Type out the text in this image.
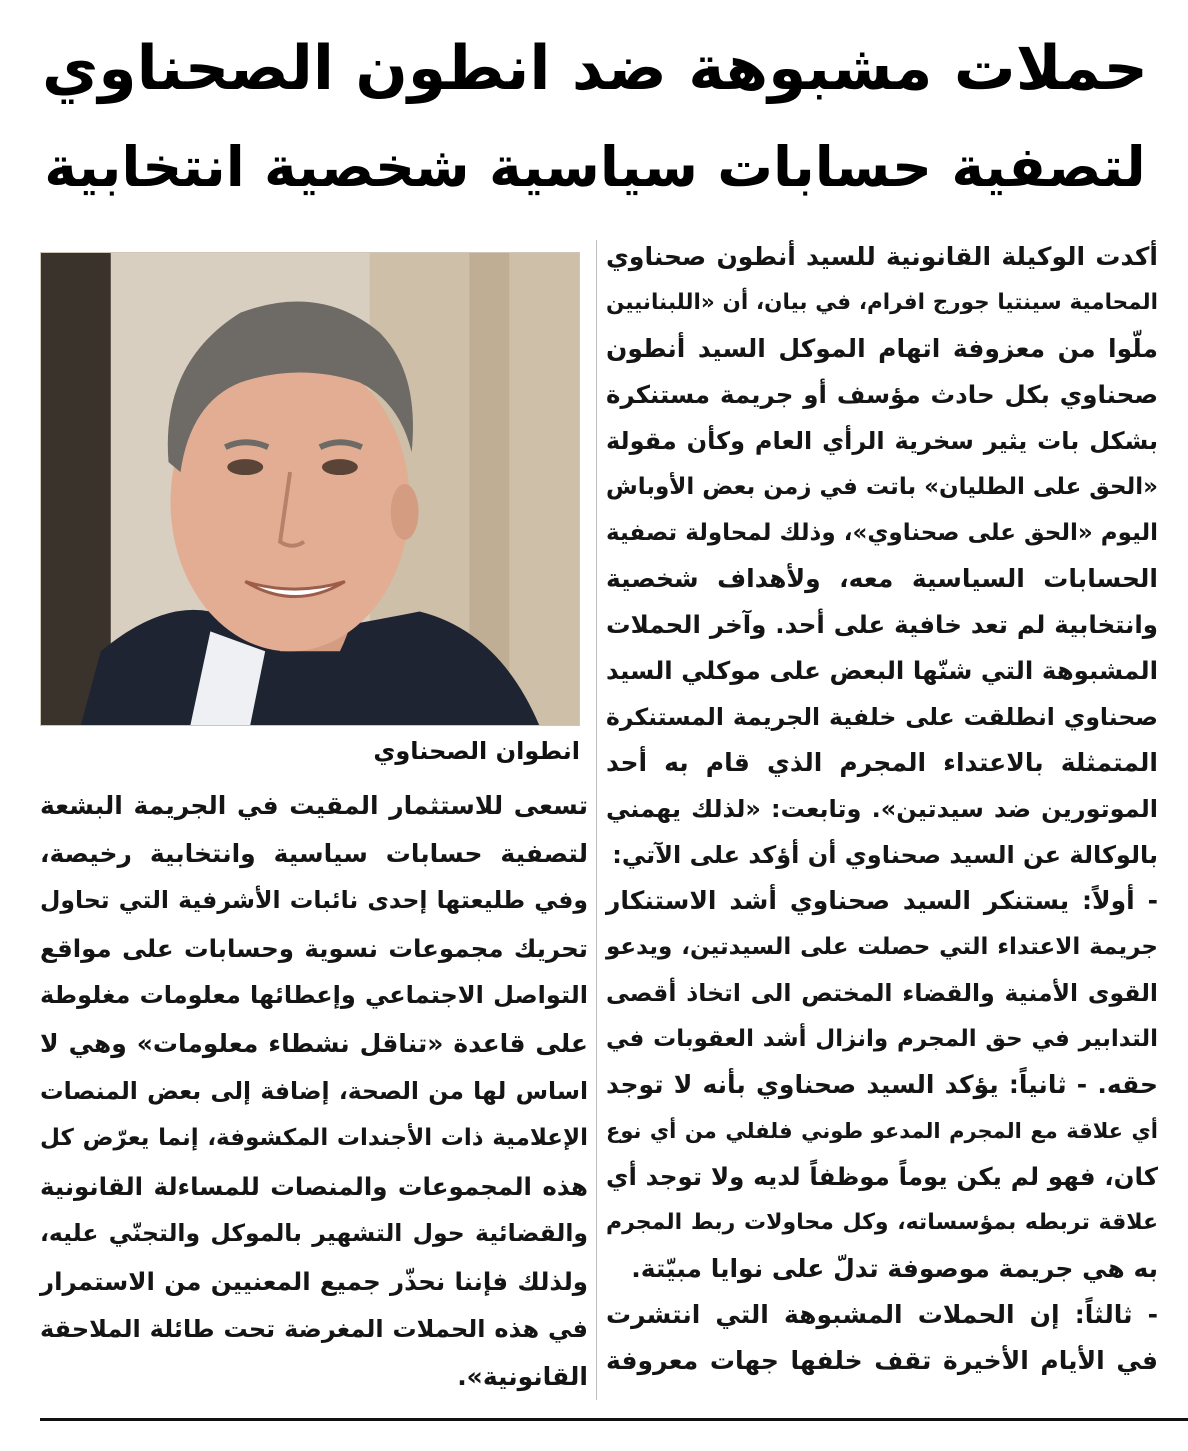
حملات مشبوهة ضد انطون الصحناوي
لتصفية حسابات سياسية شخصية انتخابية
انطوان الصحناوي
أكدت الوكيلة القانونية للسيد أنطون صحناوي
المحامية سينتيا جورج افرام، في بيان، أن «اللبنانيين
ملّوا من معزوفة اتهام الموكل السيد أنطون
صحناوي بكل حادث مؤسف أو جريمة مستنكرة
بشكل بات يثير سخرية الرأي العام وكأن مقولة
«الحق على الطليان» باتت في زمن بعض الأوباش
اليوم «الحق على صحناوي»، وذلك لمحاولة تصفية
الحسابات السياسية معه، ولأهداف شخصية
وانتخابية لم تعد خافية على أحد. وآخر الحملات
المشبوهة التي شنّها البعض على موكلي السيد
صحناوي انطلقت على خلفية الجريمة المستنكرة
المتمثلة بالاعتداء المجرم الذي قام به أحد
الموتورين ضد سيدتين». وتابعت: «لذلك يهمني
بالوكالة عن السيد صحناوي أن أؤكد على الآتي:
- أولاً: يستنكر السيد صحناوي أشد الاستنكار
جريمة الاعتداء التي حصلت على السيدتين، ويدعو
القوى الأمنية والقضاء المختص الى اتخاذ أقصى
التدابير في حق المجرم وانزال أشد العقوبات في
حقه. - ثانياً: يؤكد السيد صحناوي بأنه لا توجد
أي علاقة مع المجرم المدعو طوني فلفلي من أي نوع
كان، فهو لم يكن يوماً موظفاً لديه ولا توجد أي
علاقة تربطه بمؤسساته، وكل محاولات ربط المجرم
به هي جريمة موصوفة تدلّ على نوايا مبيّتة.
- ثالثاً: إن الحملات المشبوهة التي انتشرت
في الأيام الأخيرة تقف خلفها جهات معروفة
تسعى للاستثمار المقيت في الجريمة البشعة
لتصفية حسابات سياسية وانتخابية رخيصة،
وفي طليعتها إحدى نائبات الأشرفية التي تحاول
تحريك مجموعات نسوية وحسابات على مواقع
التواصل الاجتماعي وإعطائها معلومات مغلوطة
على قاعدة «تناقل نشطاء معلومات» وهي لا
اساس لها من الصحة، إضافة إلى بعض المنصات
الإعلامية ذات الأجندات المكشوفة، إنما يعرّض كل
هذه المجموعات والمنصات للمساءلة القانونية
والقضائية حول التشهير بالموكل والتجنّي عليه،
ولذلك فإننا نحذّر جميع المعنيين من الاستمرار
في هذه الحملات المغرضة تحت طائلة الملاحقة
القانونية».
